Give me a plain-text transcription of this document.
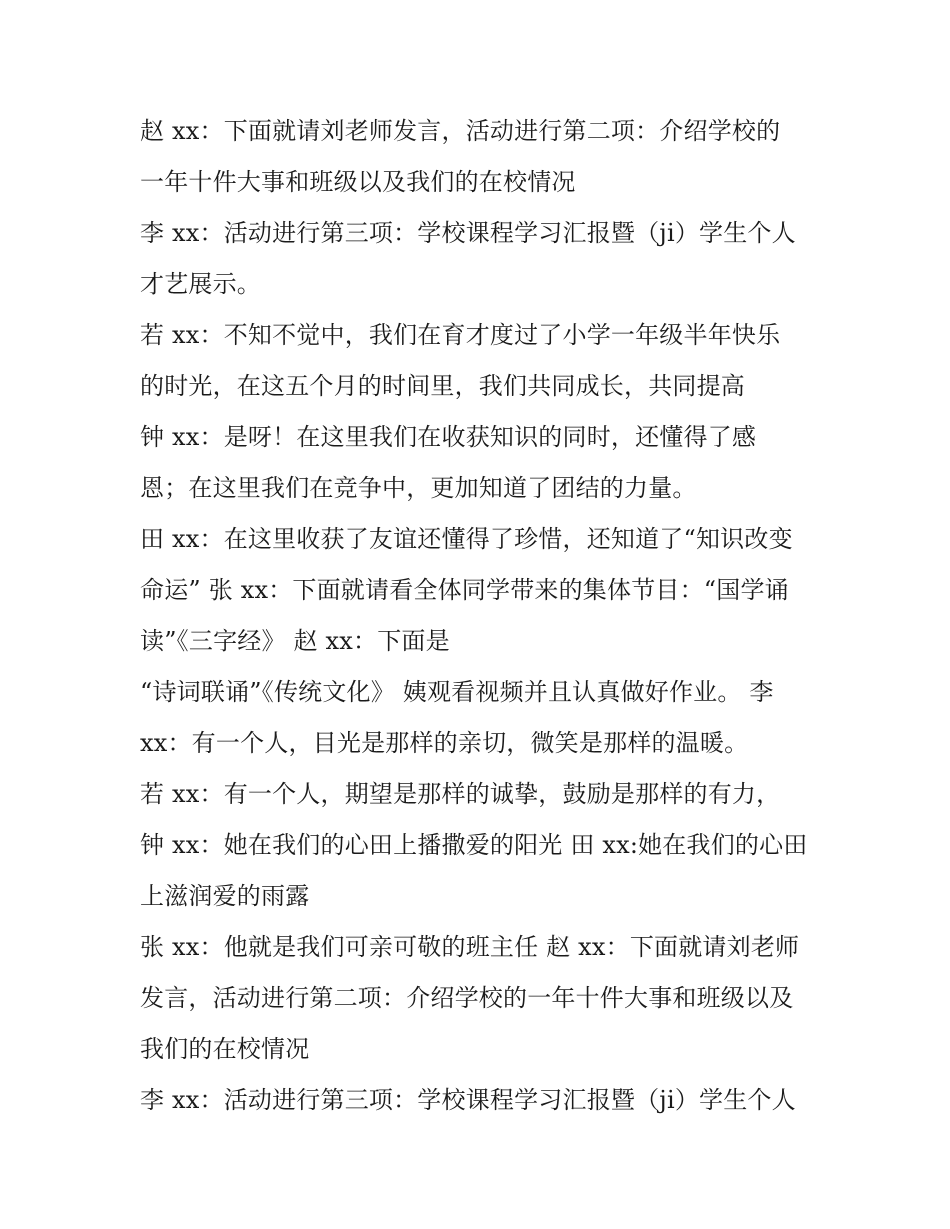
赵 xx：下面就请刘老师发言，活动进行第二项：介绍学校的
一年十件大事和班级以及我们的在校情况
李 xx：活动进行第三项：学校课程学习汇报暨（ji）学生个人
才艺展示。
若 xx：不知不觉中，我们在育才度过了小学一年级半年快乐
的时光，在这五个月的时间里，我们共同成长，共同提高
钟 xx：是呀！在这里我们在收获知识的同时，还懂得了感
恩；在这里我们在竞争中，更加知道了团结的力量。
田 xx：在这里收获了友谊还懂得了珍惜，还知道了“知识改变
命运” 张 xx：下面就请看全体同学带来的集体节目：“国学诵
读”《三字经》 赵 xx：下面是
“诗词联诵”《传统文化》 姨观看视频并且认真做好作业。 李
xx：有一个人，目光是那样的亲切，微笑是那样的温暖。
若 xx：有一个人，期望是那样的诚挚，鼓励是那样的有力，
钟 xx：她在我们的心田上播撒爱的阳光 田 xx:她在我们的心田
上滋润爱的雨露
张 xx：他就是我们可亲可敬的班主任 赵 xx：下面就请刘老师
发言，活动进行第二项：介绍学校的一年十件大事和班级以及
我们的在校情况
李 xx：活动进行第三项：学校课程学习汇报暨（ji）学生个人
